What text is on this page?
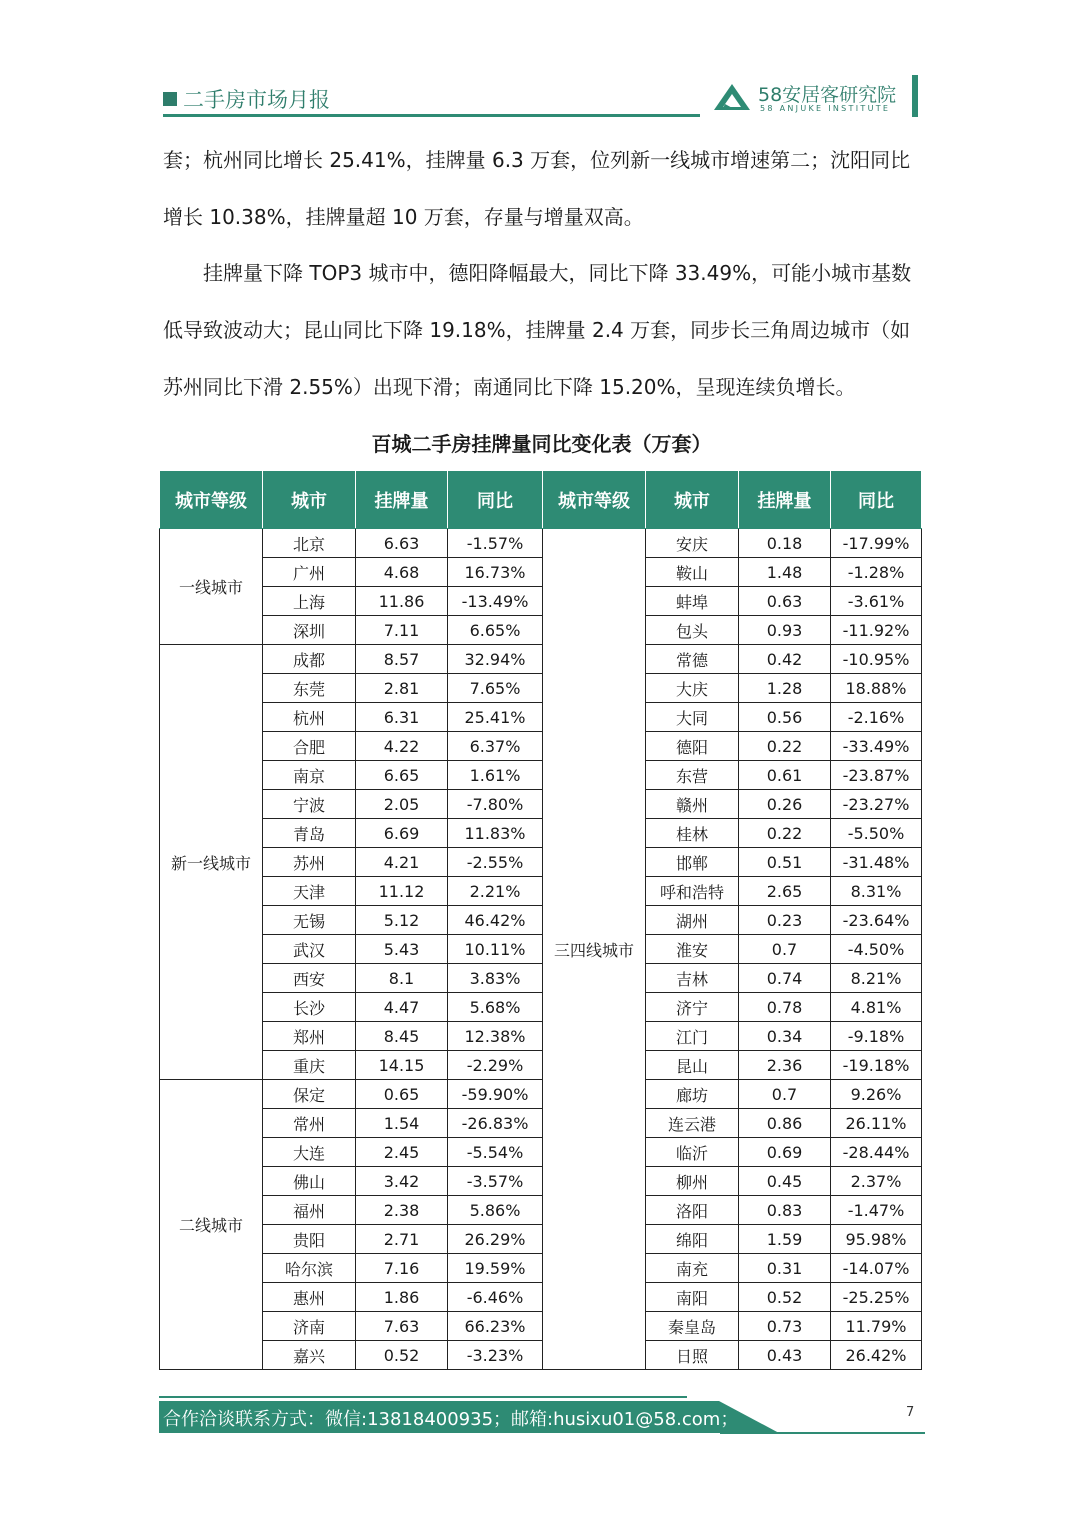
二手房市场月报	58安居客研究院
58 ANJUKE INSTITUTE
套；杭州同比增长 25.41%，挂牌量 6.3 万套，位列新一线城市增速第二；沈阳同比增长 10.38%，挂牌量超 10 万套，存量与增量双高。
挂牌量下降 TOP3 城市中，德阳降幅最大，同比下降 33.49%，可能小城市基数低导致波动大；昆山同比下降 19.18%，挂牌量 2.4 万套，同步长三角周边城市（如苏州同比下滑 2.55%）出现下滑；南通同比下降 15.20%，呈现连续负增长。
百城二手房挂牌量同比变化表（万套）
城市等级	城市	挂牌量	同比	城市等级	城市	挂牌量	同比
一线城市	北京	6.63	-1.57%	三四线城市	安庆	0.18	-17.99%
	广州	4.68	16.73%		鞍山	1.48	-1.28%
	上海	11.86	-13.49%		蚌埠	0.63	-3.61%
	深圳	7.11	6.65%		包头	0.93	-11.92%
新一线城市	成都	8.57	32.94%		常德	0.42	-10.95%
	东莞	2.81	7.65%		大庆	1.28	18.88%
	杭州	6.31	25.41%		大同	0.56	-2.16%
	合肥	4.22	6.37%		德阳	0.22	-33.49%
	南京	6.65	1.61%		东营	0.61	-23.87%
	宁波	2.05	-7.80%		赣州	0.26	-23.27%
	青岛	6.69	11.83%		桂林	0.22	-5.50%
	苏州	4.21	-2.55%		邯郸	0.51	-31.48%
	天津	11.12	2.21%		呼和浩特	2.65	8.31%
	无锡	5.12	46.42%		湖州	0.23	-23.64%
	武汉	5.43	10.11%		淮安	0.7	-4.50%
	西安	8.1	3.83%		吉林	0.74	8.21%
	长沙	4.47	5.68%		济宁	0.78	4.81%
	郑州	8.45	12.38%		江门	0.34	-9.18%
	重庆	14.15	-2.29%		昆山	2.36	-19.18%
二线城市	保定	0.65	-59.90%		廊坊	0.7	9.26%
	常州	1.54	-26.83%		连云港	0.86	26.11%
	大连	2.45	-5.54%		临沂	0.69	-28.44%
	佛山	3.42	-3.57%		柳州	0.45	2.37%
	福州	2.38	5.86%		洛阳	0.83	-1.47%
	贵阳	2.71	26.29%		绵阳	1.59	95.98%
	哈尔滨	7.16	19.59%		南充	0.31	-14.07%
	惠州	1.86	-6.46%		南阳	0.52	-25.25%
	济南	7.63	66.23%		秦皇岛	0.73	11.79%
	嘉兴	0.52	-3.23%		日照	0.43	26.42%
合作洽谈联系方式：微信:13818400935；邮箱:husixu01@58.com；	7
